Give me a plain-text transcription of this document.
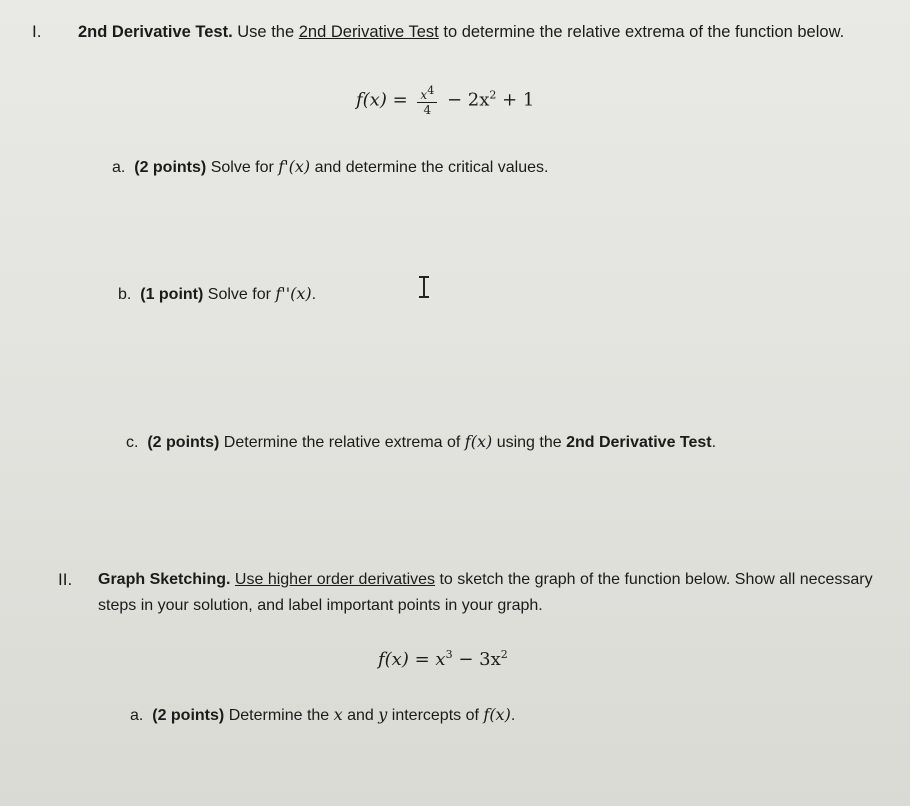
I. 2nd Derivative Test. Use the 2nd Derivative Test to determine the relative extrema of the function below.
$f(x) = \frac{x^4}{4} - 2x^2 + 1$
a. (2 points) Solve for f'(x) and determine the critical values.
b. (1 point) Solve for f''(x).
c. (2 points) Determine the relative extrema of f(x) using the 2nd Derivative Test.
II. Graph Sketching. Use higher order derivatives to sketch the graph of the function below. Show all necessary
steps in your solution, and label important points in your graph.
$f(x) = x^3 - 3x^2$
a. (2 points) Determine the x and y intercepts of f(x).
